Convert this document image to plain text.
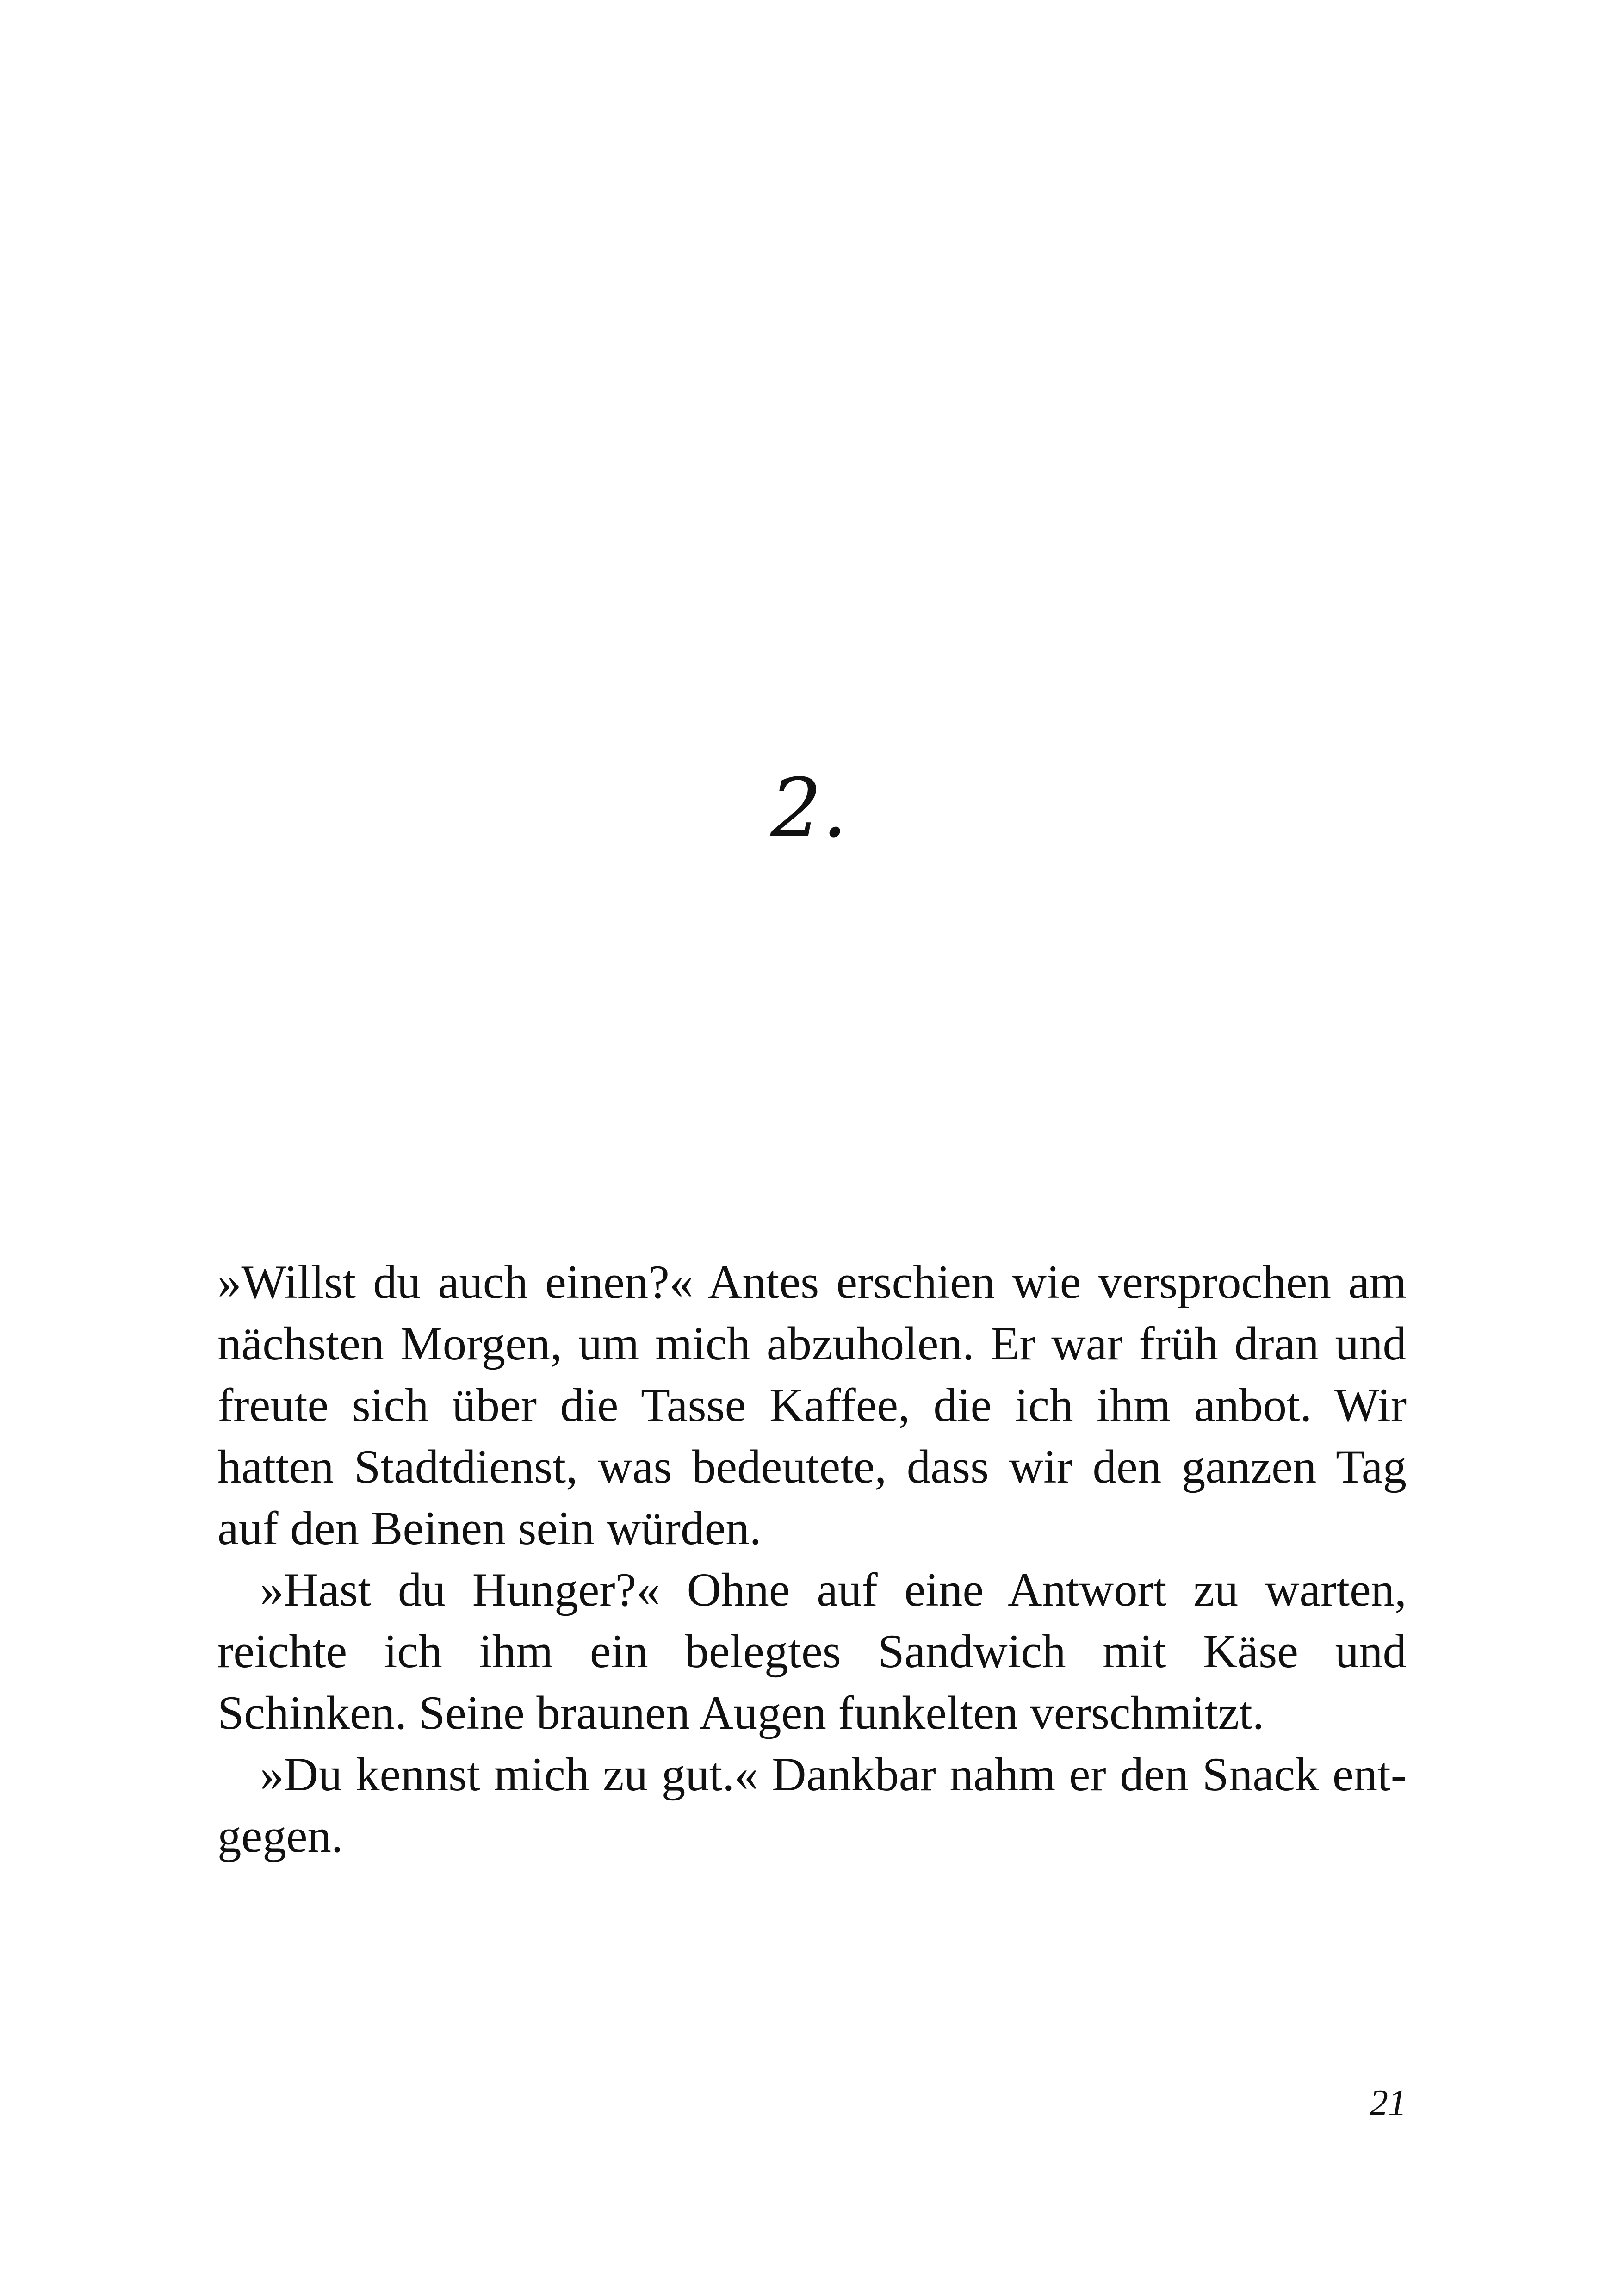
2.

»Willst du auch einen?« Antes erschien wie versprochen am nächsten Morgen, um mich abzuholen. Er war früh dran und freute sich über die Tasse Kaffee, die ich ihm anbot. Wir hatten Stadtdienst, was bedeutete, dass wir den ganzen Tag auf den Beinen sein würden.

»Hast du Hunger?« Ohne auf eine Antwort zu warten, reichte ich ihm ein belegtes Sandwich mit Käse und Schinken. Seine braunen Augen funkelten verschmitzt.

»Du kennst mich zu gut.« Dankbar nahm er den Snack entgegen.

21
